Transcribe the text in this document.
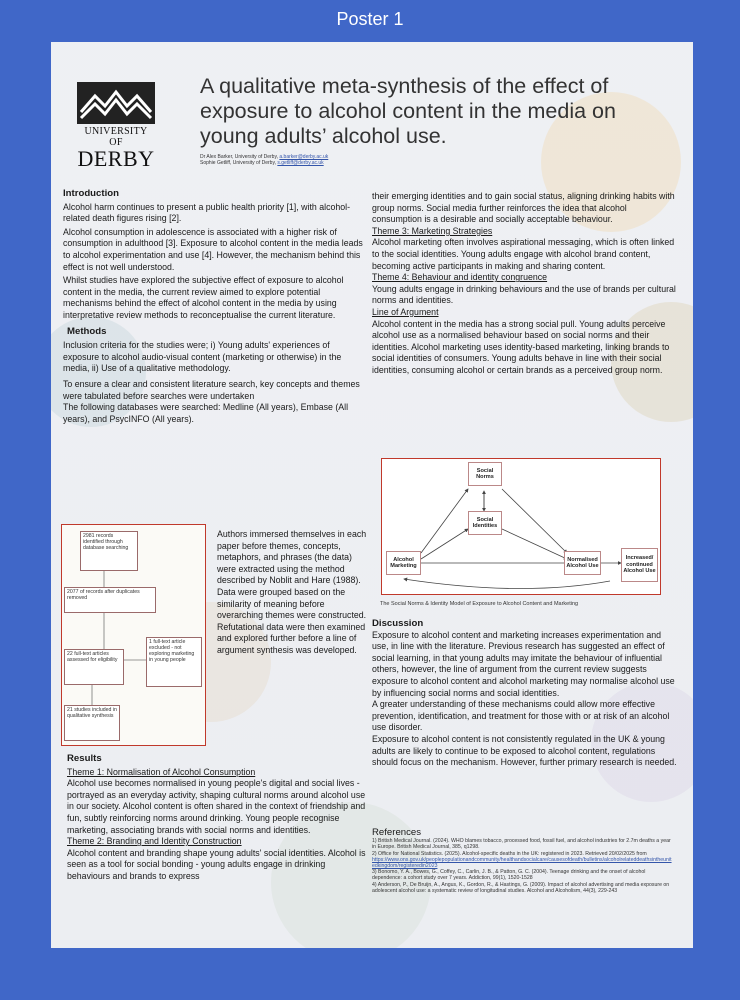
Poster 1
UNIVERSITY OF
DERBY
A qualitative meta-synthesis of the effect of exposure to alcohol content in the media on young adults’ alcohol use.
Dr Alex Barker, University of Derby, a.barker@derby.ac.uk
Sophie Getliff, University of Derby, s.getliff@derby.ac.uk

Introduction

Alcohol harm continues to present a public health priority [1], with alcohol-related death figures rising [2].

Alcohol consumption in adolescence is associated with a higher risk of consumption in adulthood [3]. Exposure to alcohol content in the media leads to alcohol experimentation and use [4]. However, the mechanism behind this effect is not well understood.

Whilst studies have explored the subjective effect of exposure to alcohol content in the media, the current review aimed to explore potential mechanisms behind the effect of alcohol content in the media by using interpretative review methods to reconceptualise the current literature.

Methods

Inclusion criteria for the studies were; i) Young adults' experiences of exposure to alcohol audio-visual content (marketing or otherwise) in the media, ii) Use of a qualitative methodology.

To ensure a clear and consistent literature search, key concepts and themes were tabulated before searches were undertaken

The following databases were searched: Medline (All years), Embase (All years), and PsycINFO (All years).

2981 records identified through database searching
2077 of records after duplicates removed
22 full-text articles assessed for eligibility
1 full-text article excluded - not exploring marketing in young people
21 studies included in qualitative synthesis

Authors immersed themselves in each paper before themes, concepts, metaphors, and phrases (the data) were extracted using the method described by Noblit and Hare (1988). Data were grouped based on the similarity of meaning before overarching themes were constructed. Refutational data were then examined and explored further before a line of argument synthesis was developed.

Results

Theme 1: Normalisation of Alcohol Consumption

Alcohol use becomes normalised in young people's digital and social lives - portrayed as an everyday activity, shaping cultural norms around alcohol use in our society. Alcohol content is often shared in the context of friendship and fun, subtly reinforcing norms around drinking. Young people recognise marketing, associating brands with social norms and identities.

Theme 2: Branding and Identity Construction

Alcohol content and branding shape young adults' social identities. Alcohol is seen as a tool for social bonding - young adults engage in drinking behaviours and brands to express

their emerging identities and to gain social status, aligning drinking habits with group norms. Social media further reinforces the idea that alcohol consumption is a desirable and socially acceptable behaviour.

Theme 3: Marketing Strategies

Alcohol marketing often involves aspirational messaging, which is often linked to the social identities. Young adults engage with alcohol brand content, becoming active participants in making and sharing content.

Theme 4: Behaviour and identity congruence

Young adults engage in drinking behaviours and the use of brands per cultural norms and identities.

Line of Argument

Alcohol content in the media has a strong social pull. Young adults perceive alcohol use as a normalised behaviour based on social norms and their identities. Alcohol marketing uses identity-based marketing, linking brands to social identities of consumers. Young adults behave in line with their social identities, consuming alcohol or certain brands as a perceived group norm.

Social Norms
Social Identities
Alcohol Marketing
Normalised Alcohol Use
Increased/ continued Alcohol Use
The Social Norms & Identity Model of Exposure to Alcohol Content and Marketing

Discussion

Exposure to alcohol content and marketing increases experimentation and use, in line with the literature. Previous research has suggested an effect of social learning, in that young adults may imitate the behaviour of influential others, however, the line of argument from the current review suggests exposure to alcohol content and alcohol marketing may normalise alcohol use by influencing social norms and social identities.

A greater understanding of these mechanisms could allow more effective prevention, identification, and treatment for those with or at risk of an alcohol use disorder.

Exposure to alcohol content is not consistently regulated in the UK & young adults are likely to continue to be exposed to alcohol content, regulations should focus on the mechanism. However, further primary research is needed.

References

1) British Medical Journal. (2024). WHO blames tobacco, processed food, fossil fuel, and alcohol industries for 2.7m deaths a year in Europe. British Medical Journal, 385, q1298.

2) Office for National Statistics. (2025). Alcohol-specific deaths in the UK: registered in 2023. Retrieved 20/02/2025 from

https://www.ons.gov.uk/peoplepopulationandcommunity/healthandsocialcare/causesofdeath/bulletins/alcoholrelateddeathsintheunitedkingdom/registeredin2023

3) Bonomo, Y. A., Bowes, G., Coffey, C., Carlin, J. B., & Patton, G. C. (2004). Teenage drinking and the onset of alcohol dependence: a cohort study over 7 years. Addiction, 99(1), 1520-1528

4) Anderson, P., De Bruijn, A., Angus, K., Gordon, R., & Hastings, G. (2009). Impact of alcohol advertising and media exposure on adolescent alcohol use: a systematic review of longitudinal studies. Alcohol and Alcoholism, 44(3), 229-243
